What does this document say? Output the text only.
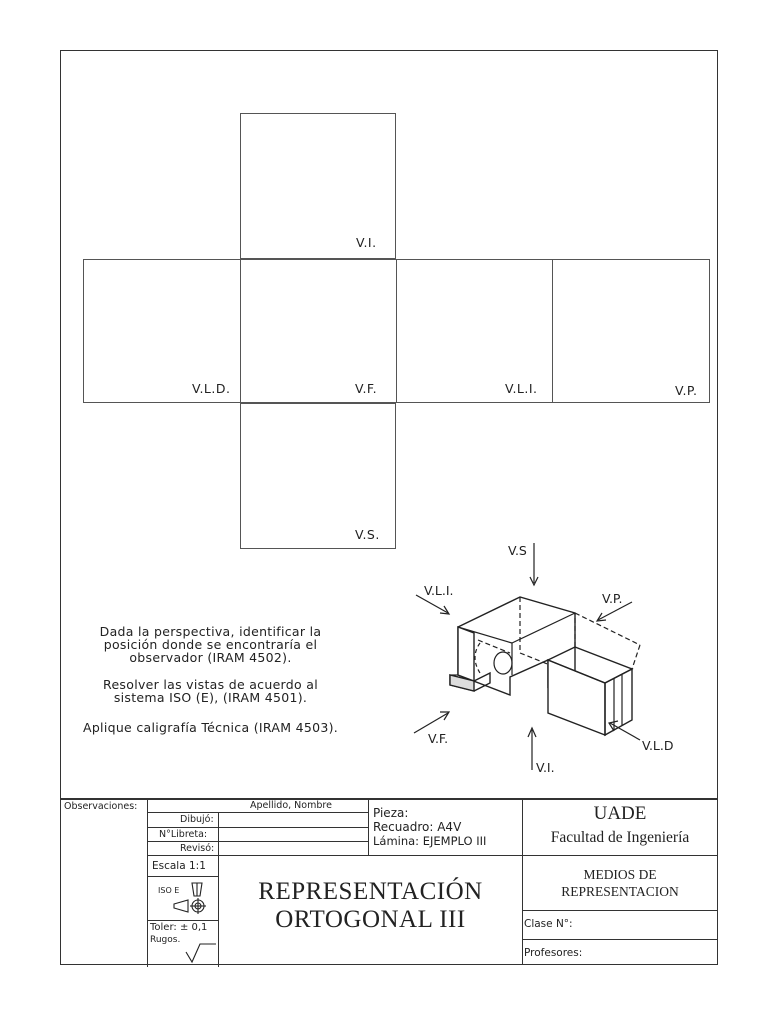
V.I.
V.L.D.	V.F.	V.L.I.	V.P.
V.S.
Dada la perspectiva, identificar la
posición donde se encontraría el
observador (IRAM 4502).
Resolver las vistas de acuerdo al
sistema ISO (E), (IRAM 4501).
Aplique caligrafía Técnica (IRAM 4503).
V.S
V.L.I.
V.P.
V.F.	V.L.D
V.I.
Observaciones:	Apellido, Nombre
Dibujó:
N°Libreta:
Revisó:
Pieza:
Recuadro: A4V
Lámina: EJEMPLO III
UADE
Facultad de Ingeniería
Escala 1:1
ISO E
Toler: ± 0,1
Rugos.
REPRESENTACIÓN
ORTOGONAL III
MEDIOS DE
REPRESENTACION
Clase N°:
Profesores:
